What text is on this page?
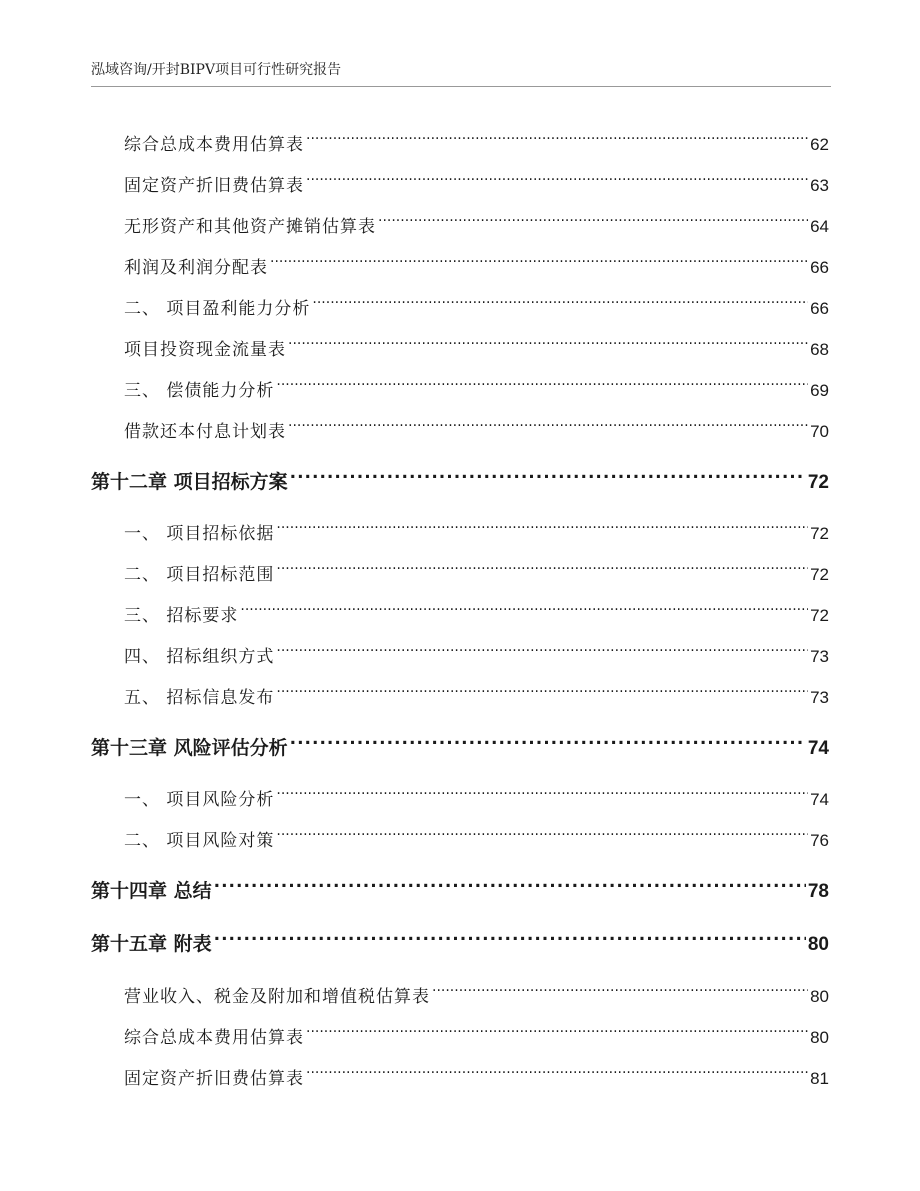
泓域咨询/开封BIPV项目可行性研究报告
综合总成本费用估算表 .....	62
固定资产折旧费估算表 .....	63
无形资产和其他资产摊销估算表 .....	64
利润及利润分配表 .....	66
二、 项目盈利能力分析 .....	66
项目投资现金流量表 .....	68
三、 偿债能力分析 .....	69
借款还本付息计划表 .....	70
第十二章 项目招标方案 .....	72
一、 项目招标依据 .....	72
二、 项目招标范围 .....	72
三、 招标要求 .....	72
四、 招标组织方式 .....	73
五、 招标信息发布 .....	73
第十三章 风险评估分析 .....	74
一、 项目风险分析 .....	74
二、 项目风险对策 .....	76
第十四章 总结 .....	78
第十五章 附表 .....	80
营业收入、税金及附加和增值税估算表 .....	80
综合总成本费用估算表 .....	80
固定资产折旧费估算表 .....	81
